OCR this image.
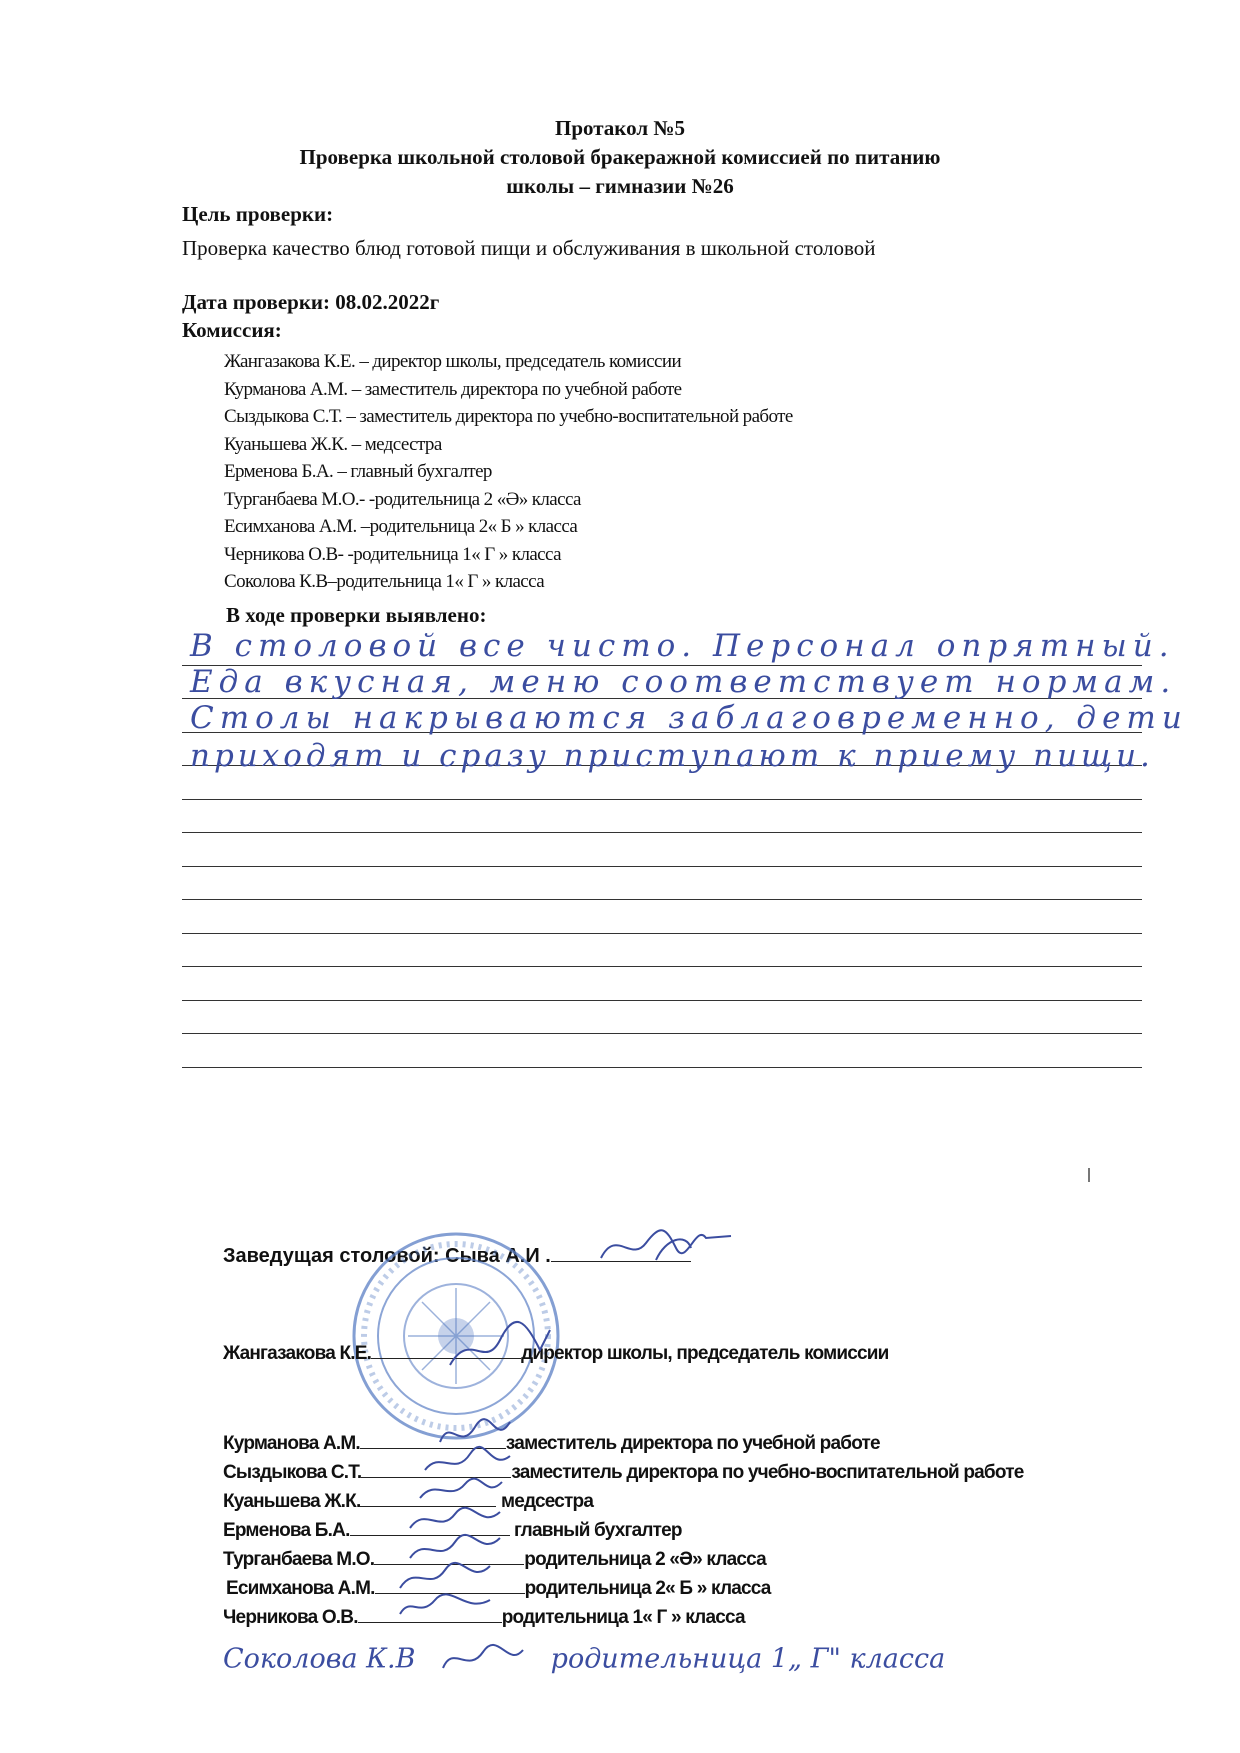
Протакол №5
Проверка школьной столовой бракеражной комиссией по питанию
школы – гимназии №26
Цель проверки:
Проверка качество блюд готовой пищи и обслуживания в школьной столовой
Дата проверки: 08.02.2022г
Комиссия:
Жангазакова К.Е. – директор школы, председатель комиссии
Курманова А.М. – заместитель директора по учебной работе
Сыздыкова С.Т. – заместитель директора по учебно-воспитательной работе
Куаньшева Ж.К. – медсестра
Ерменова Б.А. – главный бухгалтер
Турганбаева М.О.- -родительница 2 «Ә» класса
Есимханова А.М. –родительница 2« Б » класса
Черникова О.В- -родительница 1« Г » класса
Соколова К.В–родительница 1« Г » класса
В ходе проверки выявлено:
В столовой все чисто. Персонал опрятный.
Еда вкусная, меню соответствует нормам.
Столы накрываются заблаговременно, дети
приходят и сразу приступают к приему пищи.
Заведущая столовой: Сыва А.И .
Жангазакова К.Е.	директор школы, председатель комиссии
Курманова А.М.	заместитель директора по учебной работе
Сыздыкова С.Т.	заместитель директора по учебно-воспитательной работе
Куаньшева Ж.К.	медсестра
Ерменова Б.А.	главный бухгалтер
Турганбаева М.О.	родительница 2 «Ә» класса
Есимханова А.М.	родительница 2« Б » класса
Черникова О.В.	родительница 1« Г » класса
Соколова К.В	родительница 1„ Г" класса
